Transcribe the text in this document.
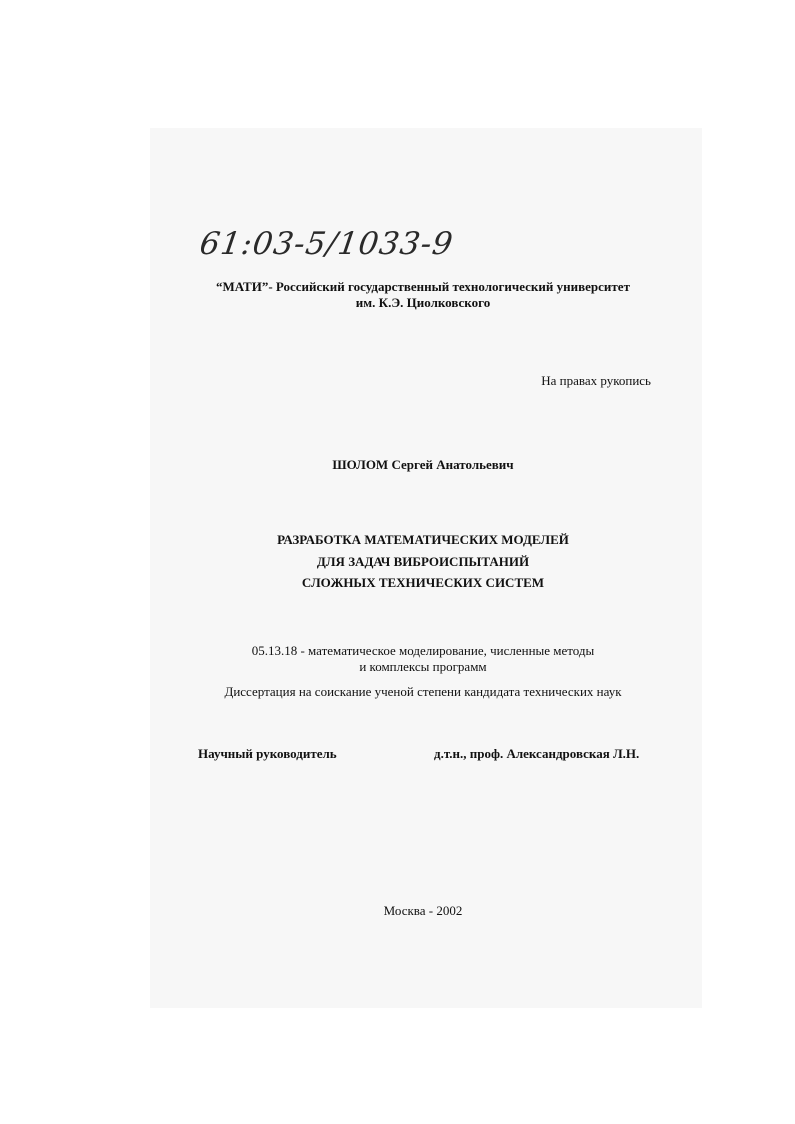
61:03-5/1033-9
“МАТИ”- Российский государственный технологический университет
им. К.Э. Циолковского
На правах рукопись
ШОЛОМ Сергей Анатольевич
РАЗРАБОТКА МАТЕМАТИЧЕСКИХ МОДЕЛЕЙ
ДЛЯ ЗАДАЧ ВИБРОИСПЫТАНИЙ
СЛОЖНЫХ ТЕХНИЧЕСКИХ СИСТЕМ
05.13.18 - математическое моделирование, численные методы
и комплексы программ
Диссертация на соискание ученой степени кандидата технических наук
Научный руководитель	д.т.н., проф. Александровская Л.Н.
Москва - 2002
